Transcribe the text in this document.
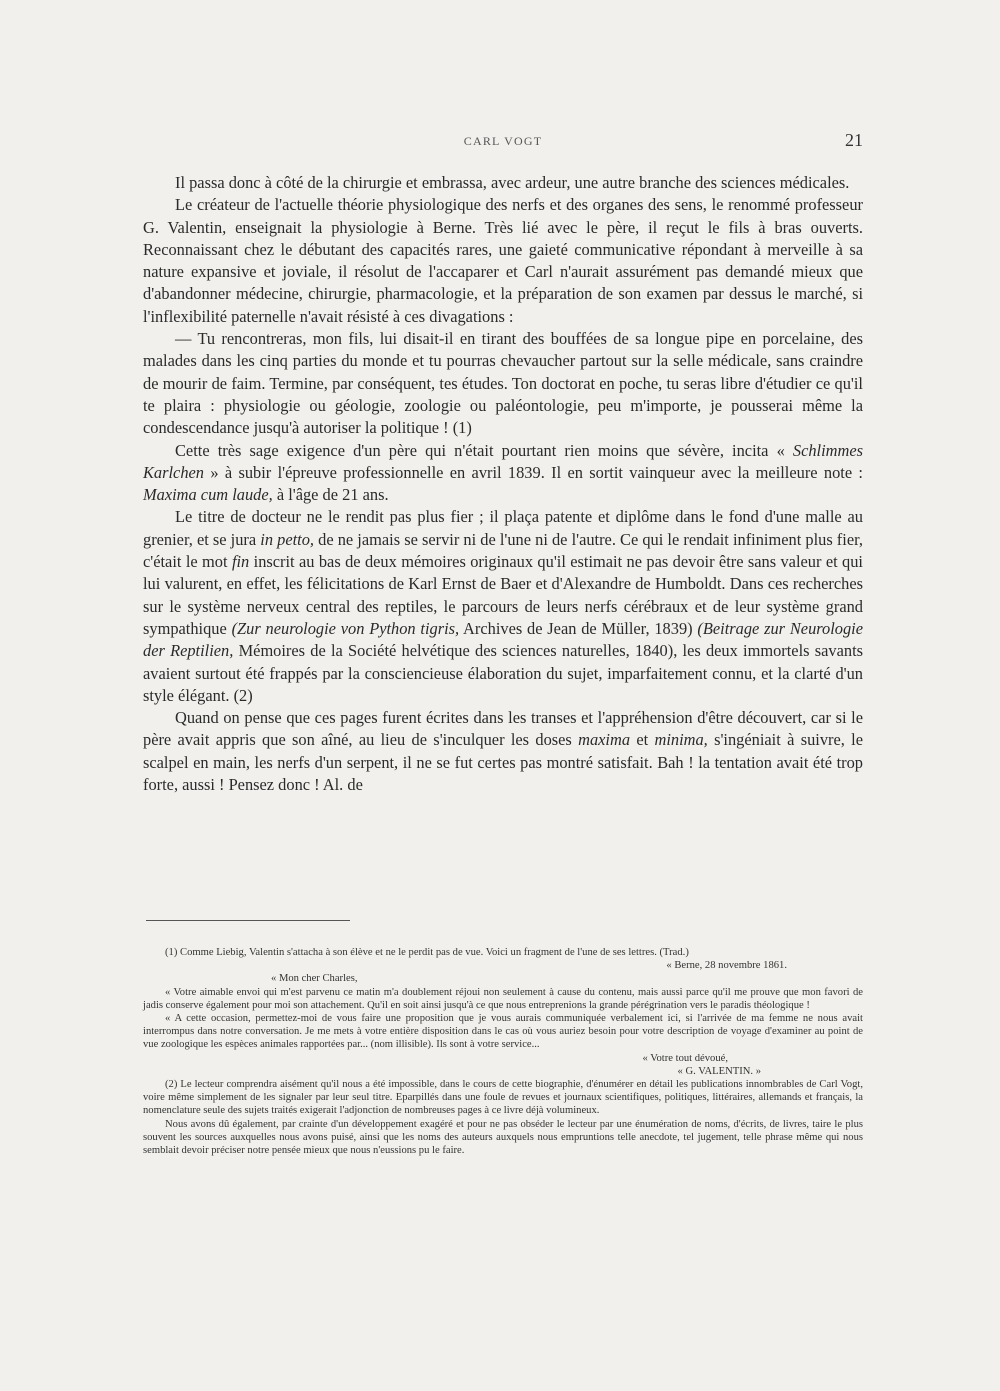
CARL VOGT	21

Il passa donc à côté de la chirurgie et embrassa, avec ardeur, une autre branche des sciences médicales.

Le créateur de l'actuelle théorie physiologique des nerfs et des organes des sens, le renommé professeur G. Valentin, enseignait la physiologie à Berne. Très lié avec le père, il reçut le fils à bras ouverts. Reconnaissant chez le débutant des capacités rares, une gaieté communicative répondant à merveille à sa nature expansive et joviale, il résolut de l'accaparer et Carl n'aurait assurément pas demandé mieux que d'abandonner médecine, chirurgie, pharmacologie, et la préparation de son examen par dessus le marché, si l'inflexibilité paternelle n'avait résisté à ces divagations :

— Tu rencontreras, mon fils, lui disait-il en tirant des bouffées de sa longue pipe en porcelaine, des malades dans les cinq parties du monde et tu pourras chevaucher partout sur la selle médicale, sans craindre de mourir de faim. Termine, par conséquent, tes études. Ton doctorat en poche, tu seras libre d'étudier ce qu'il te plaira : physiologie ou géologie, zoologie ou paléontologie, peu m'importe, je pousserai même la condescendance jusqu'à autoriser la politique ! (1)

Cette très sage exigence d'un père qui n'était pourtant rien moins que sévère, incita « Schlimmes Karlchen » à subir l'épreuve professionnelle en avril 1839. Il en sortit vainqueur avec la meilleure note : Maxima cum laude, à l'âge de 21 ans.

Le titre de docteur ne le rendit pas plus fier ; il plaça patente et diplôme dans le fond d'une malle au grenier, et se jura in petto, de ne jamais se servir ni de l'une ni de l'autre. Ce qui le rendait infiniment plus fier, c'était le mot fin inscrit au bas de deux mémoires originaux qu'il estimait ne pas devoir être sans valeur et qui lui valurent, en effet, les félicitations de Karl Ernst de Baer et d'Alexandre de Humboldt. Dans ces recherches sur le système nerveux central des reptiles, le parcours de leurs nerfs cérébraux et de leur système grand sympathique (Zur neurologie von Python tigris, Archives de Jean de Müller, 1839) (Beitrage zur Neurologie der Reptilien, Mémoires de la Société helvétique des sciences naturelles, 1840), les deux immortels savants avaient surtout été frappés par la consciencieuse élaboration du sujet, imparfaitement connu, et la clarté d'un style élégant. (2)

Quand on pense que ces pages furent écrites dans les transes et l'appréhension d'être découvert, car si le père avait appris que son aîné, au lieu de s'inculquer les doses maxima et minima, s'ingéniait à suivre, le scalpel en main, les nerfs d'un serpent, il ne se fut certes pas montré satisfait. Bah ! la tentation avait été trop forte, aussi ! Pensez donc ! Al. de

(1) Comme Liebig, Valentin s'attacha à son élève et ne le perdit pas de vue. Voici un fragment de l'une de ses lettres. (Trad.)

« Berne, 28 novembre 1861.

« Mon cher Charles,

« Votre aimable envoi qui m'est parvenu ce matin m'a doublement réjoui non seulement à cause du contenu, mais aussi parce qu'il me prouve que mon favori de jadis conserve également pour moi son attachement. Qu'il en soit ainsi jusqu'à ce que nous entreprenions la grande pérégrination vers le paradis théologique !

« A cette occasion, permettez-moi de vous faire une proposition que je vous aurais communiquée verbalement ici, si l'arrivée de ma femme ne nous avait interrompus dans notre conversation. Je me mets à votre entière disposition dans le cas où vous auriez besoin pour votre description de voyage d'examiner au point de vue zoologique les espèces animales rapportées par... (nom illisible). Ils sont à votre service...

« Votre tout dévoué,

« G. VALENTIN. »

(2) Le lecteur comprendra aisément qu'il nous a été impossible, dans le cours de cette biographie, d'énumérer en détail les publications innombrables de Carl Vogt, voire même simplement de les signaler par leur seul titre. Eparpillés dans une foule de revues et journaux scientifiques, politiques, littéraires, allemands et français, la nomenclature seule des sujets traités exigerait l'adjonction de nombreuses pages à ce livre déjà volumineux.

Nous avons dû également, par crainte d'un développement exagéré et pour ne pas obséder le lecteur par une énumération de noms, d'écrits, de livres, taire le plus souvent les sources auxquelles nous avons puisé, ainsi que les noms des auteurs auxquels nous empruntions telle anecdote, tel jugement, telle phrase même qui nous semblait devoir préciser notre pensée mieux que nous n'eussions pu le faire.
